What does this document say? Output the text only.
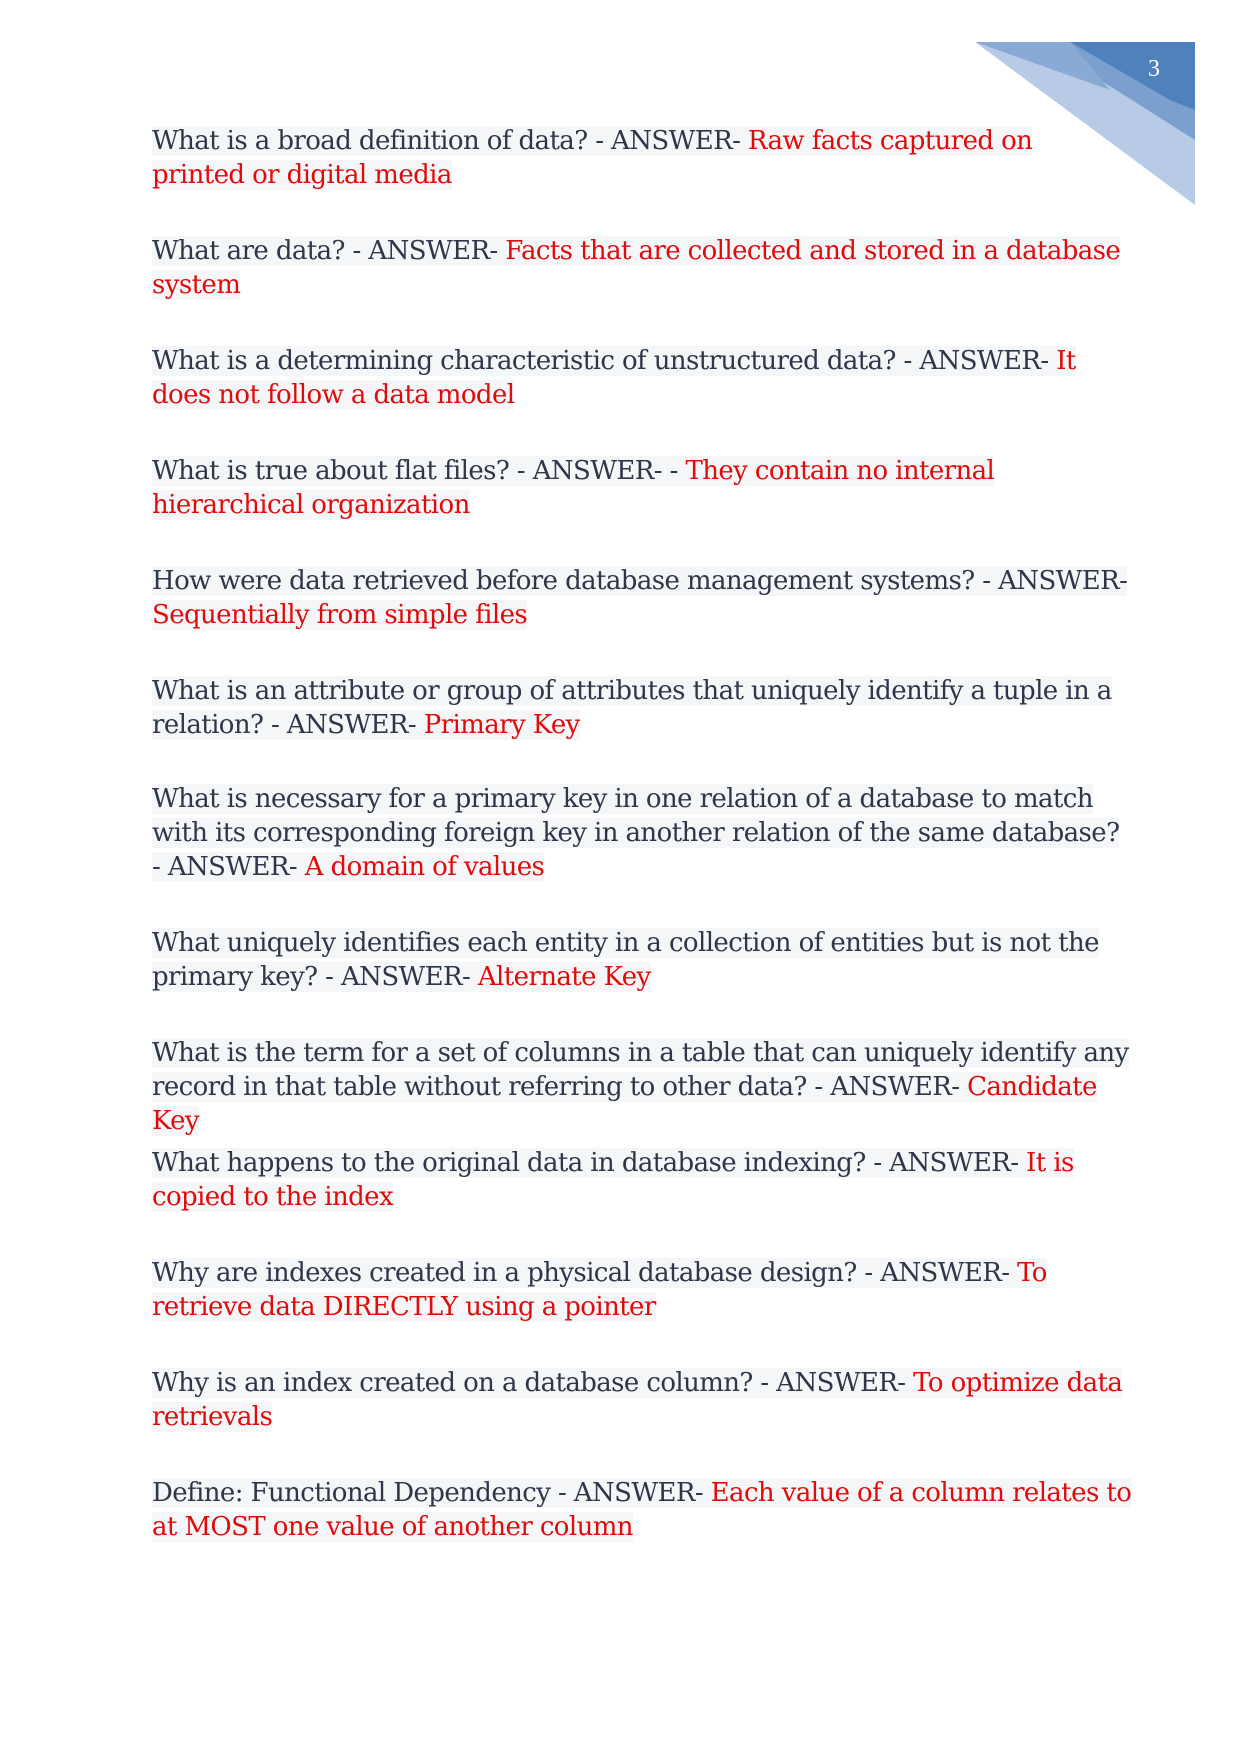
3
What is a broad definition of data? - ANSWER- Raw facts captured on printed or digital media
What are data? - ANSWER- Facts that are collected and stored in a database system
What is a determining characteristic of unstructured data? - ANSWER- It does not follow a data model
What is true about flat files? - ANSWER- - They contain no internal hierarchical organization
How were data retrieved before database management systems? - ANSWER- Sequentially from simple files
What is an attribute or group of attributes that uniquely identify a tuple in a relation? - ANSWER- Primary Key
What is necessary for a primary key in one relation of a database to match with its corresponding foreign key in another relation of the same database? - ANSWER- A domain of values
What uniquely identifies each entity in a collection of entities but is not the primary key? - ANSWER- Alternate Key
What is the term for a set of columns in a table that can uniquely identify any record in that table without referring to other data? - ANSWER- Candidate Key
What happens to the original data in database indexing? - ANSWER- It is copied to the index
Why are indexes created in a physical database design? - ANSWER- To retrieve data DIRECTLY using a pointer
Why is an index created on a database column? - ANSWER- To optimize data retrievals
Define: Functional Dependency - ANSWER- Each value of a column relates to at MOST one value of another column
